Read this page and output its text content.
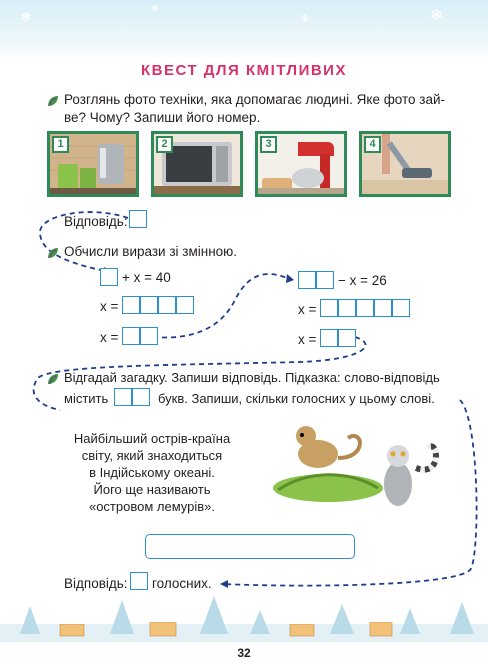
❄	❄
❄	❄
КВЕСТ ДЛЯ КМІТЛИВИХ
Розглянь фото техніки, яка допомагає людині. Яке фото зай-
ве? Чому? Запиши його номер.
1	2	3	4
Відповідь:
Обчисли вирази зі змінною.
+ x = 40
x =
x =
− x = 26
x =
x =
Відгадай загадку. Запиши відповідь. Підказка: слово-відповідь
містить	букв. Запиши, скільки голосних у цьому слові.
Найбільший острів-країна
світу, який знаходиться
в Індійському океані.
Його ще називають
«островом лемурів».
Відповідь: голосних.
32
